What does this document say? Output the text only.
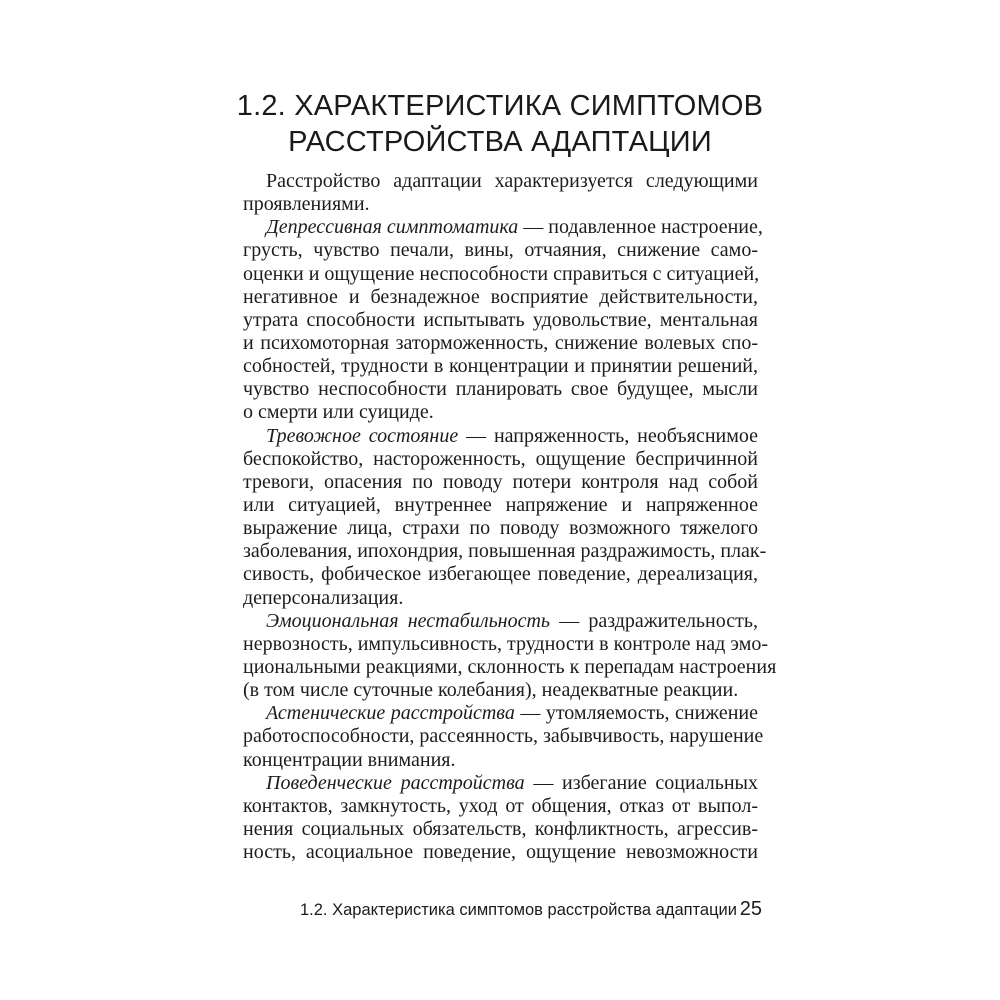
1.2. ХАРАКТЕРИСТИКА СИМПТОМОВ
РАССТРОЙСТВА АДАПТАЦИИ
Расстройство адаптации характеризуется следующими
проявлениями.
Депрессивная симптоматика — подавленное настроение,
грусть, чувство печали, вины, отчаяния, снижение само-
оценки и ощущение неспособности справиться с ситуацией,
негативное и безнадежное восприятие действительности,
утрата способности испытывать удовольствие, ментальная
и психомоторная заторможенность, снижение волевых спо-
собностей, трудности в концентрации и принятии решений,
чувство неспособности планировать свое будущее, мысли
о смерти или суициде.
Тревожное состояние — напряженность, необъяснимое
беспокойство, настороженность, ощущение беспричинной
тревоги, опасения по поводу потери контроля над собой
или ситуацией, внутреннее напряжение и напряженное
выражение лица, страхи по поводу возможного тяжелого
заболевания, ипохондрия, повышенная раздражимость, плак-
сивость, фобическое избегающее поведение, дереализация,
деперсонализация.
Эмоциональная нестабильность — раздражительность,
нервозность, импульсивность, трудности в контроле над эмо-
циональными реакциями, склонность к перепадам настроения
(в том числе суточные колебания), неадекватные реакции.
Астенические расстройства — утомляемость, снижение
работоспособности, рассеянность, забывчивость, нарушение
концентрации внимания.
Поведенческие расстройства — избегание социальных
контактов, замкнутость, уход от общения, отказ от выпол-
нения социальных обязательств, конфликтность, агрессив-
ность, асоциальное поведение, ощущение невозможности
1.2. Характеристика симптомов расстройства адаптации 25
